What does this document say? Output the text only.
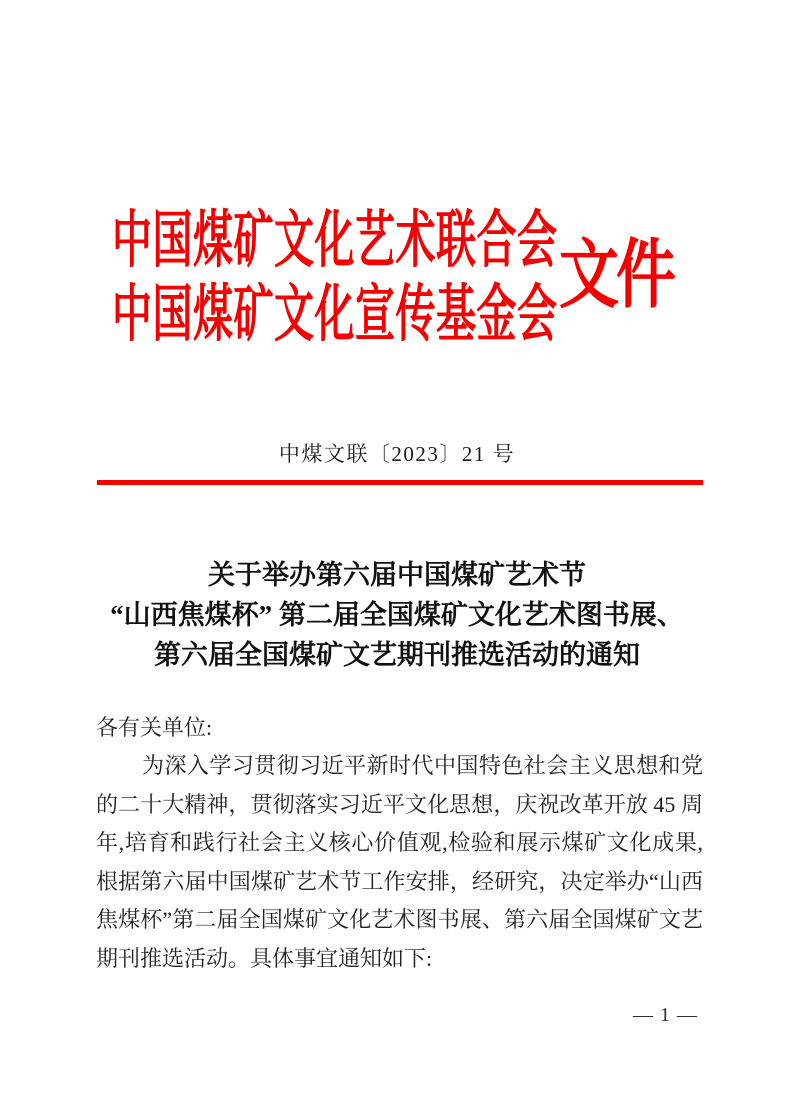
中国煤矿文化艺术联合会
中国煤矿文化宣传基金会 文件
中煤文联〔2023〕21 号
关于举办第六届中国煤矿艺术节
“山西焦煤杯” 第二届全国煤矿文化艺术图书展、
第六届全国煤矿文艺期刊推选活动的通知
各有关单位:
为深入学习贯彻习近平新时代中国特色社会主义思想和党
的二十大精神，贯彻落实习近平文化思想，庆祝改革开放 45 周
年,培育和践行社会主义核心价值观,检验和展示煤矿文化成果,
根据第六届中国煤矿艺术节工作安排，经研究，决定举办“山西
焦煤杯”第二届全国煤矿文化艺术图书展、第六届全国煤矿文艺
期刊推选活动。具体事宜通知如下:
— 1 —
